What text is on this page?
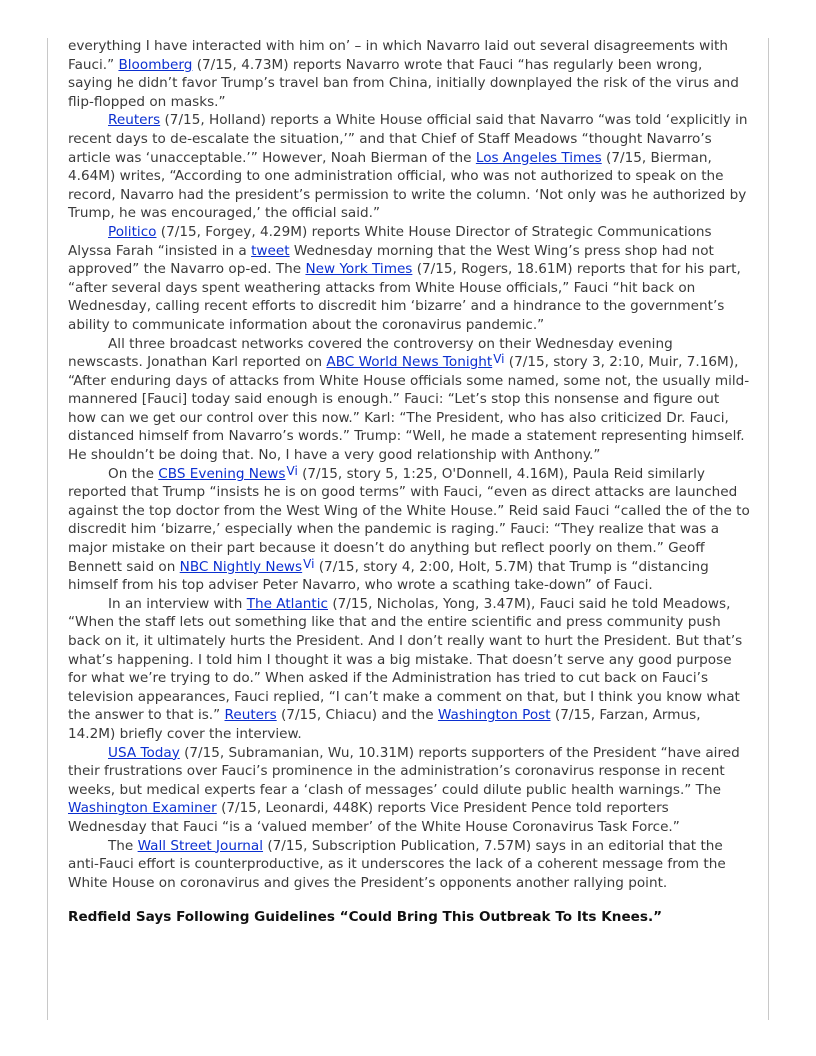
everything I have interacted with him on’ – in which Navarro laid out several disagreements with Fauci.” Bloomberg (7/15, 4.73M) reports Navarro wrote that Fauci “has regularly been wrong, saying he didn’t favor Trump’s travel ban from China, initially downplayed the risk of the virus and flip-flopped on masks.”

Reuters (7/15, Holland) reports a White House official said that Navarro “was told ‘explicitly in recent days to de-escalate the situation,’” and that Chief of Staff Meadows “thought Navarro’s article was ‘unacceptable.’” However, Noah Bierman of the Los Angeles Times (7/15, Bierman, 4.64M) writes, “According to one administration official, who was not authorized to speak on the record, Navarro had the president’s permission to write the column. ‘Not only was he authorized by Trump, he was encouraged,’ the official said.”

Politico (7/15, Forgey, 4.29M) reports White House Director of Strategic Communications Alyssa Farah “insisted in a tweet Wednesday morning that the West Wing’s press shop had not approved” the Navarro op-ed. The New York Times (7/15, Rogers, 18.61M) reports that for his part, “after several days spent weathering attacks from White House officials,” Fauci “hit back on Wednesday, calling recent efforts to discredit him ‘bizarre’ and a hindrance to the government’s ability to communicate information about the coronavirus pandemic.”

All three broadcast networks covered the controversy on their Wednesday evening newscasts. Jonathan Karl reported on ABC World News Tonight$^{Vi}$ (7/15, story 3, 2:10, Muir, 7.16M), “After enduring days of attacks from White House officials some named, some not, the usually mild-mannered [Fauci] today said enough is enough.” Fauci: “Let’s stop this nonsense and figure out how can we get our control over this now.” Karl: “The President, who has also criticized Dr. Fauci, distanced himself from Navarro’s words.” Trump: “Well, he made a statement representing himself. He shouldn’t be doing that. No, I have a very good relationship with Anthony.”

On the CBS Evening News$^{Vi}$ (7/15, story 5, 1:25, O'Donnell, 4.16M), Paula Reid similarly reported that Trump “insists he is on good terms” with Fauci, “even as direct attacks are launched against the top doctor from the West Wing of the White House.” Reid said Fauci “called the of the to discredit him ‘bizarre,’ especially when the pandemic is raging.” Fauci: “They realize that was a major mistake on their part because it doesn’t do anything but reflect poorly on them.” Geoff Bennett said on NBC Nightly News$^{Vi}$ (7/15, story 4, 2:00, Holt, 5.7M) that Trump is “distancing himself from his top adviser Peter Navarro, who wrote a scathing take-down” of Fauci.

In an interview with The Atlantic (7/15, Nicholas, Yong, 3.47M), Fauci said he told Meadows, “When the staff lets out something like that and the entire scientific and press community push back on it, it ultimately hurts the President. And I don’t really want to hurt the President. But that’s what’s happening. I told him I thought it was a big mistake. That doesn’t serve any good purpose for what we’re trying to do.” When asked if the Administration has tried to cut back on Fauci’s television appearances, Fauci replied, “I can’t make a comment on that, but I think you know what the answer to that is.” Reuters (7/15, Chiacu) and the Washington Post (7/15, Farzan, Armus, 14.2M) briefly cover the interview.

USA Today (7/15, Subramanian, Wu, 10.31M) reports supporters of the President “have aired their frustrations over Fauci’s prominence in the administration’s coronavirus response in recent weeks, but medical experts fear a ‘clash of messages’ could dilute public health warnings.” The Washington Examiner (7/15, Leonardi, 448K) reports Vice President Pence told reporters Wednesday that Fauci “is a ‘valued member’ of the White House Coronavirus Task Force.”

The Wall Street Journal (7/15, Subscription Publication, 7.57M) says in an editorial that the anti-Fauci effort is counterproductive, as it underscores the lack of a coherent message from the White House on coronavirus and gives the President’s opponents another rallying point.

Redfield Says Following Guidelines “Could Bring This Outbreak To Its Knees.”
